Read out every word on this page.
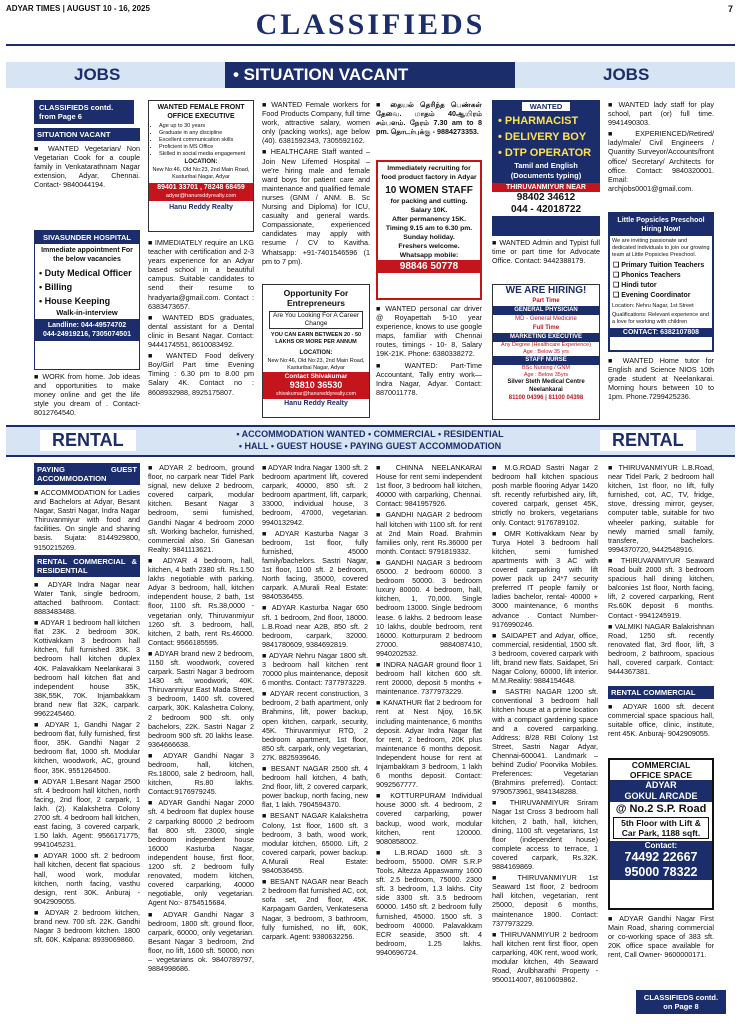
ADYAR TIMES | AUGUST 10 - 16, 2025	CLASSIFIEDS	7
JOBS	• SITUATION VACANT	JOBS
CLASSIFIEDS contd. from Page 6
SITUATION VACANT

■ WANTED Vegetarian/ Non Vegetarian Cook for a couple family in Venkatarathnam Nagar extension, Adyar, Chennai. Contact- 984004419​4.

SIVASUNDER HOSPITAL
Immediate appointment For the below vacancies
• Duty Medical Officer
• Billing
• House Keeping
Walk-in-interview
Landline: 044-49574702
044-24919216, 7305074501

■ WORK from home. Job ideas and opportunities to make money online and get the life style you dream of . Contact- 8012764540.

WANTED FEMALE FRONT OFFICE EXECUTIVE
• Age up to 30 years
• Graduate in any discipline
• Excellent communication skills
• Proficient in MS Office
• Skilled in social media engagement
LOCATION:
New No:46, Old No:23, 2nd Main Road, Kasturibai Nagar, Adyar
89401 33701 , 78248 68459
adyar@hanureddyrealty.com
Hanu Reddy Realty

■ IMMEDIATELY require an LKG teacher with certification and 2-3 years experience for an Adyar based school in a beautiful campus. Suitable candidates to send their resume to hradyarta@gmail.com. Contact : 6383473657.

■ WANTED BDS graduates, dental assistant for a Dental clinic in Besant Nagar. Contact: 9444174551, 8610083492.

■ WANTED Food delivery Boy/Girl Part time Evening Timing : 6.30 pm to 8.00 pm Salary 4K. Contact no : 8608932988, 8925175807.

■ WANTED Female workers for Food Products Company, full time work, attractive salary, women only (packing works), age below (40). 6381592343, 7305592162.

■ HEALTHCARE Staff wanted – Join New Lifemed Hospital – we're hiring male and female ward boys for patient care and maintenance and qualified female nurses (GNM / ANM. B. Sc Nursing and Diploma) for ICU, casualty and general wards. Compassionate, experienced candidates may apply with resume / CV to Kavitha. Whatsapp: +91-7401546596 (1 pm to 7 pm).

Opportunity For Entrepreneurs
Are You Looking For A Career Change
YOU CAN EARN BETWEEN 20 - 50 LAKHS OR MORE PER ANNUM
LOCATION:
New No:46, Old No:23, 2nd Main Road, Kasturibai Nagar, Adyar
Contact Shivakumar
93810 36530
shivakumar@hanureddyrealty.com
Hanu Reddy Realty

■ தையல் தெரிந்த பெண்கள் தேவை. மாதம் 40ஆயிரம் சம்பளம். நேரம் 7.30 am to 8 pm. தொடர்புக்கு - 9884273353.

Immediately recruiting for food product factory in Adyar
10 WOMEN STAFF
for packing and cutting.
Salary 10K.
After permanency 15K.
Timing 9.15 am to 6.30 pm.
Sunday holiday.
Freshers welcome.
Whatsapp mobile:
98846 50778

■ WANTED personal car driver @ Royapettah 5-10 year experience, knows to use google maps, familiar with Chennai routes, timings - 10- 8, Salary 19K-21K. Phone: 6380338272.

■ WANTED: Part-Time Accountant, Tally entry work—Indra Nagar, Adyar. Contact: 8870011778.

WANTED
• PHARMACIST
• DELIVERY BOY
• DTP OPERATOR
Tamil and English (Documents typing)
THIRUVANMIYUR NEAR
98402 34612
044 - 42018722

■ WANTED Admin and Typist full time or part time for Advocate Office. Contact: 9442388179.

WE ARE HIRING!
Part Time
GENERAL PHYSICIAN
MD - General Medicine
Full Time
MARKETING EXECUTIVE
Any Degree (Healthcare Experience)
Age : Below 35 yrs
STAFF NURSE
BSc Nursing / GNM
Age : Below 35yrs
Silver Steth Medical Centre Neelankarai
81100 04396 | 81100 04398

■ WANTED lady staff for play school, part (or) full time. 9941490303.

■ EXPERIENCED/Retired/ lady/male/ Civil Engineers / Quantity Surveyor/Accounts/front office/ Secretary/ Architects for office. Contact: 9840320001. Email: archjobs0001@gmail.com.

Little Popsicles Preschool Hiring Now!
We are inviting passionate and dedicated individuals to join our growing team at Little Popsicles Preschool.
❑ Primary Tuition Teachers
❑ Phonics Teachers
❑ Hindi tutor
❑ Evening Coordinator
Location: Nehru Nagar, 1st Street
Qualifications: Relevant experience and a love for working with children
CONTACT: 6382107808

■ WANTED Home tutor for English and Science NIOS 10th grade student at Neelankarai. Morning hours between 10 to 1pm. Phone.7299425236.

RENTAL	• ACCOMMODATION WANTED • COMMERCIAL • RESIDENTIAL
• HALL • GUEST HOUSE • PAYING GUEST ACCOMMODATION	RENTAL
PAYING GUEST ACCOMMODATION

■ ACCOMMODATION for Ladies and Bachelors at Adyar, Besant Nagar, Sastri Nagar, Indra Nagar Thiruvanmiyur with food and facilities. On single and sharing basis. Sujata: 8144929800, 9150215269.

RENTAL COMMERCIAL & RESIDENTIAL

■ ADYAR Indra Nagar near Water Tank, single bedroom, attached bathroom. Contact: 8883483488.

■ ADYAR 1 bedroom hall kitchen flat 23K. 2 bedroom 30K. Kottivakkam 3 bedroom hall kitchen, full furnished 35K. 3 bedroom hall kitchen duplex 40K. Palavakkam Neelankarai 3 bedroom hall kitchen flat and independent house 35K, 38K,55K, 70K. Injambakkam brand new flat 32K, carpark. 9962245460.

■ ADYAR 1, Gandhi Nagar 2 bedroom flat, fully furnished, first floor, 35K. Gandhi Nagar 2 bedroom flat, 1000 sft. Modular kitchen, woodwork, AC, ground floor, 35K. 9551264500.

■ ADYAR 1.Besant Nagar 2500 sft. 4 bedroom hall kitchen, north facing, 2nd floor, 2 carpark, 1 lakh. (2). Kalakshetra Colony 2700 sft. 4 bedroom hall kitchen, east facing, 3 covered carpark, 1.50 lakh. Agent: 9566171775, 9941045231.

■ ADYAR 1000 sft. 2 bedroom hall kitchen, decent flat spacious hall, wood work, modular kitchen, north facing, vasthu design, rent 30K. Anburaj - 9042909055.

■ ADYAR 2 bedroom kitchen, brand new. 700 sft. 22K. Gandhi Nagar 3 bedroom kitchen. 1800 sft. 60K. Kalpana: 8939069860.

■ ADYAR 2 bedroom, ground floor, no carpark near Tidel Park signal, new deluxe 2 bedroom, covered carpark, modular kitchen. Besant Nagar 3 bedroom, semi furnished, Gandhi Nagar 4 bedroom 2000 sft. Working bachelor, furnished, commercial also. Sri Ganesan Realty: 9841113621.

■ ADYAR 4 bedroom, hall, kitchen, 4 bath 2380 sft. Rs.1.50 lakhs negotiable with parking. Adyar 3 bedroom, hall, kitchen independent house, 2 bath, 1st floor, 1100 sft. Rs.38,0000 - vegetarian only, Thiruvanmiyur 1260 sft. 3 bedroom, hall, kitchen, 2 bath, rent Rs.46000. Contact: 9566185595.

■ ADYAR brand new 2 bedroom, 1150 sft. woodwork, covered carpark. Sastri Nagar 3 bedroom 1430 sft. woodwork, 40K. Thiruvanmiyur East Mada Street, 3 bedroom, 1400 sft. covered carpark, 30K. Kalashetra Colony, 2 bedroom 900 sft. only bachelors, 22K. Sastri Nagar 2 bedroom 900 sft. 20 lakhs lease. 9364666638.

■ ADYAR Gandhi Nagar 3 bedroom, hall, kitchen, Rs.18000, sale 2 bedroom, hall, kitchen, Rs.80 lakhs. Contact:9176979245.

■ ADYAR Gandhi Nagar 2000 sft. 4 bedroom flat duplex house 2 carparking 80000 ,2 bedroom flat 800 sft. 23000, single bedroom independent house 16000 Kasturba Nagar, independent house, first floor, 1200 sft. 2 bedroom fully renovated, modern kitchen, covered carparking, 40000 negotiable, only vegetarian. Agent No:- 8754515684.

■ ADYAR Gandhi Nagar 3 bedroom, 1800 sft. ground floor, carpark, 60000, only vegetarian. Besant Nagar 3 bedroom, 2nd floor, no lift, 1600 sft. 50000, non – vegetarians ok. 9840789797, 9884998686.

■ ADYAR Indra Nagar 1300 sft. 2 bedroom apartment lift, covered carpark, 40000, 850 sft. 2 bedroom apartment, lift, carpark, 33000, individual house, 3 bedroom, 47000, vegetarian. 9940132942.

■ ADYAR Kasturba Nagar 3 bedroom, 1st floor, fully furnished, 45000 family/bachelors. Sastri Nagar, 1st floor, 1100 sft. 2 bedroom, North facing, 35000, covered carpark. A.Murali Real Estate: 9840536455.

■ ADYAR Kasturba Nagar 650 sft. 1 bedroom, 2nd floor, 18000. L.B.Road near A2B, 850 sft. 2 bedroom, carpark, 32000. 9841780609, 9384692819.

■ ADYAR Nehru Nagar 1800 sft. 3 bedroom hall kitchen rent 70000 plus maintenance, deposit 6 months. Contact: 7377973229.

■ ADYAR recent construction, 3 bedroom, 2 bath apartment, only Brahmins, lift, power backup, open kitchen, carpark, security, 45K. Thiruvanmiyur RTO, 2 bedroom apartment, 1st floor, 850 sft. carpark, only vegetarian, 27K. 8825939646.

■ BESANT NAGAR 2500 sft. 4 bedroom hall kitchen, 4 bath, 2nd floor, lift, 2 covered carpark, power backup, north facing, new flat, 1 lakh. 7904594370.

■ BESANT NAGAR Kalakshetra Colony, 1st floor, 1600 sft. 3 bedroom, 3 bath, wood work, modular kitchen, 65000. Lift, 2 covered carpark, power backup. A.Murali Real Estate: 9840536455.

■ BESANT NAGAR near Beach 2 bedroom flat furnished AC, cot, sofa set, 2nd floor, 45K. Karpagam Garden, Venkatesena Nagar, 3 bedroom, 3 bathroom, fully furnished, no lift, 60K, carpark. Agent: 9380632256.

■ CHINNA NEELANKARAI House for rent semi independent 1st floor, 3 bedroom hall kitchen, 40000 with carparking, Chennai. Contact: 9841957926.

■ GANDHI NAGAR 2 bedroom hall kitchen with 1100 sft. for rent at 2nd Main Road. Brahmin families only, rent Rs.36000 per month. Contact: 9791819332.

■ GANDHI NAGAR 3 bedroom 65000. 2 bedroom 60000. 3 bedroom 50000. 3 bedroom luxury 80000. 4 bedroom, hall, kitchen, 1, 70,000. Single bedroom 13000. Single bedroom lease. 6 lakhs. 2 bedroom lease 10 lakhs, double bedroom, rent 16000. Kotturpuram 2 bedroom 27000. 9884087410, 9940202532.

■ INDRA NAGAR ground floor 1 bedroom hall kitchen 600 sft. rent 20000, deposit 5 months + maintenance. 7377973229.

■ KANATHUR flat 2 bedroom for rent at Nest Njoy, 16.5K including maintenance, 6 months deposit. Adyar Indra Nagar flat for rent, 2 bedroom, 20K plus maintenance 6 months deposit. Independent house for rent at Injambakkam 3 bedroom, 1 lakh 6 months deposit. Contact: 9092567777.

■ KOTTURPURAM Individual house 3000 sft. 4 bedroom, 2 covered carparking, power backup, wood work, modular kitchen, rent 120000. 9080858002.

■ L.B.ROAD 1600 sft. 3 bedroom, 55000. OMR S.R.P Tools, Altezza Appaswamy 1600 sft. 2.5 bedroom, 75000. 2300 sft. 3 bedroom, 1.3 lakhs. City side 3300 sft. 3.5 bedroom 60000. 1450 sft. 2 bedroom fully furnished, 45000. 1500 sft. 3 bedroom 40000. Palavakkam ECR seaside, 3500 sft. 4 bedroom, 1.25 lakhs. 9940696724.

■ M.G.ROAD Sastri Nagar 2 bedroom hall kitchen spacious posh marble flooring Adyar 1420 sft. recently refurbished airy, lift, covered carpark, genset 45K, strictly no brokers, vegetarians only. Contact: 9176789102.

■ OMR Kottivakkam Near by Turya Hotel 3 bedroom hall kitchen, semi furnished apartments with 3 AC with covered carparking with lift power pack up 24*7 security preferred IT people family or ladies bachelor, rental- 40000 + 3000 maintenance, 6 months advance . Contact Number- 9176990246.

■ SAIDAPET and Adyar, office, commercial, residential, 1500 sft. 3 bedroom, covered carpark with lift, brand new flats. Saidapet, Sri Nagar Colony, 60000, lift interior. M.M.Reality: 9884154648.

■ SASTRI NAGAR 1200 sft. conventional 3 bedroom hall kitchen house at a prime location with a compact gardening space and a covered carparking. Address: 8/28 RBI Colony 1st Street, Sastri Nagar Adyar, Chennai-600041. Landmark –behind Zudio/ Poorvika Mobiles. Preferences: Vegetarian (Brahmins preferred). Contact: 9790573961, 9841348288.

■ THIRUVANMIYUR Sriram Nagar 1st Cross 3 bedroom hall kitchen, 2 bath, hall, kitchen, dining, 1100 sft. vegetarians, 1st floor (independent house) complete access to terrace, 1 covered carpark, Rs.32K. 9884169869.

■ THIRUVANMIYUR 1st Seaward 1st floor, 2 bedroom hall kitchen, vegetarian, rent 25000, deposit 6 months, maintenance 1800. Contact: 7377973229.

■ THIRUVANMIYUR 2 bedroom hall kitchen rent first floor, open carparking, 40K rent, wood work, modular kitchen, 4th Seaward Road, Arulbharathi Property - 9500114007, 8610609862.

■ THIRUVANMIYUR L.B.Road, near Tidel Park, 2 bedroom hall kitchen, 1st floor, no lift, fully furnished, cot, AC, TV, fridge, stove, dressing mirror, geyser, computer table, suitable for two wheeler parking, suitable for newly married small family, transfere, bachelors. 9994370720, 9442548916.

■ THIRUVANMIYUR Seaward Road built 2000 sft. 3 bedroom spacious hall dining kitchen, balconies 1st floor, North facing, lift, 2 covered carparking, Rent Rs.60K deposit 6 months. Contact - 9941245919.

■ VALMIKI NAGAR Balakrishnan Road, 1250 sft. recently renovated flat, 3rd floor, lift, 3 bedroom, 2 bathroom, spacious hall, covered carpark. Contact: 9444367381.

RENTAL COMMERCIAL

■ ADYAR 1600 sft. decent commercial space spacious hall, suitable office, clinic, institute, rent 45K. Anburaj- 9042909055.

COMMERCIAL
OFFICE SPACE
ADYAR
GOKUL ARCADE
@ No.2 S.P. Road
5th Floor with Lift & Car Park, 1188 sqft.
Contact:
74492 22667
95000 78322

■ ADYAR Gandhi Nagar First Main Road, sharing commercial or co-working space of 383 sft. 20K office space available for rent, Call Owner- 9600000171.

CLASSIFIEDS contd. on Page 8
